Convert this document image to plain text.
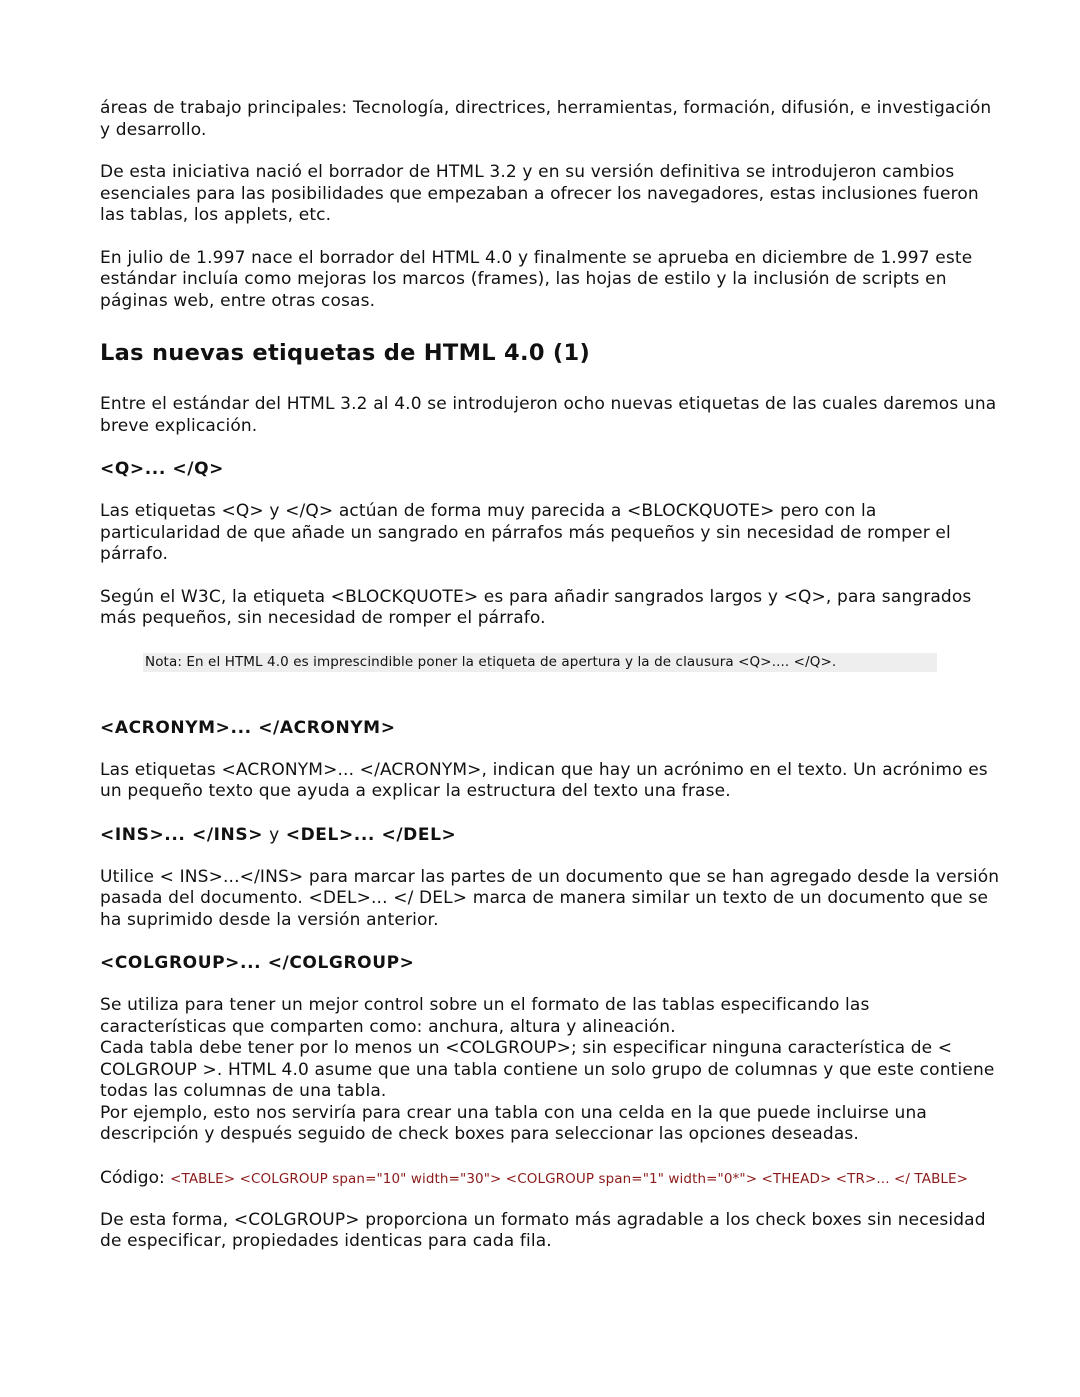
áreas de trabajo principales: Tecnología, directrices, herramientas, formación, difusión, e investigación y desarrollo.

De esta iniciativa nació el borrador de HTML 3.2 y en su versión definitiva se introdujeron cambios esenciales para las posibilidades que empezaban a ofrecer los navegadores, estas inclusiones fueron las tablas, los applets, etc.

En julio de 1.997 nace el borrador del HTML 4.0 y finalmente se aprueba en diciembre de 1.997 este estándar incluía como mejoras los marcos (frames), las hojas de estilo y la inclusión de scripts en páginas web, entre otras cosas.

Las nuevas etiquetas de HTML 4.0 (1)

Entre el estándar del HTML 3.2 al 4.0 se introdujeron ocho nuevas etiquetas de las cuales daremos una breve explicación.

<Q>... </Q>

Las etiquetas <Q> y </Q> actúan de forma muy parecida a <BLOCKQUOTE> pero con la particularidad de que añade un sangrado en párrafos más pequeños y sin necesidad de romper el párrafo.

Según el W3C, la etiqueta <BLOCKQUOTE> es para añadir sangrados largos y <Q>, para sangrados más pequeños, sin necesidad de romper el párrafo.

Nota: En el HTML 4.0 es imprescindible poner la etiqueta de apertura y la de clausura <Q>.... </Q>.
<ACRONYM>... </ACRONYM>

Las etiquetas <ACRONYM>... </ACRONYM>, indican que hay un acrónimo en el texto. Un acrónimo es un pequeño texto que ayuda a explicar la estructura del texto una frase.

<INS>... </INS> y <DEL>... </DEL>

Utilice < INS>...</INS> para marcar las partes de un documento que se han agregado desde la versión pasada del documento. <DEL>... </ DEL> marca de manera similar un texto de un documento que se ha suprimido desde la versión anterior.

<COLGROUP>... </COLGROUP>

Se utiliza para tener un mejor control sobre un el formato de las tablas especificando las características que comparten como: anchura, altura y alineación.

Cada tabla debe tener por lo menos un <COLGROUP>; sin especificar ninguna característica de < COLGROUP >. HTML 4.0 asume que una tabla contiene un solo grupo de columnas y que este contiene todas las columnas de una tabla.

Por ejemplo, esto nos serviría para crear una tabla con una celda en la que puede incluirse una descripción y después seguido de check boxes para seleccionar las opciones deseadas.

Código: <TABLE> <COLGROUP span="10" width="30"> <COLGROUP span="1" width="0*"> <THEAD> <TR>... </ TABLE>

De esta forma, <COLGROUP> proporciona un formato más agradable a los check boxes sin necesidad de especificar, propiedades identicas para cada fila.
